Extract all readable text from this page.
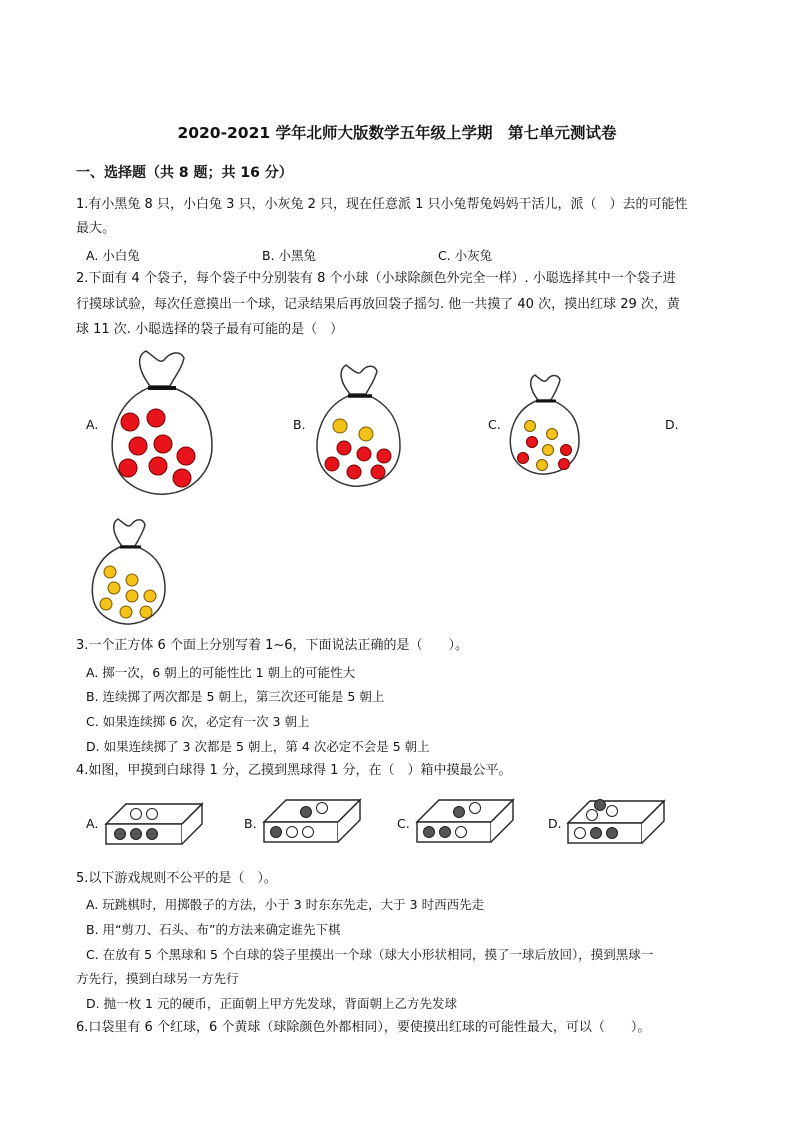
2020-2021 学年北师大版数学五年级上学期　第七单元测试卷
一、选择题（共 8 题；共 16 分）
1.有小黑兔 8 只，小白兔 3 只，小灰兔 2 只，现在任意派 1 只小兔帮兔妈妈干活儿，派（　）去的可能性
最大。
A. 小白兔	B. 小黑兔	C. 小灰兔
2.下面有 4 个袋子，每个袋子中分别装有 8 个小球（小球除颜色外完全一样）. 小聪选择其中一个袋子进
行摸球试验，每次任意摸出一个球，记录结果后再放回袋子摇匀. 他一共摸了 40 次，摸出红球 29 次，黄
球 11 次. 小聪选择的袋子最有可能的是（　）
A.	B.	C.	D.
3.一个正方体 6 个面上分别写着 1~6，下面说法正确的是（　　）。
A. 掷一次，6 朝上的可能性比 1 朝上的可能性大
B. 连续掷了两次都是 5 朝上，第三次还可能是 5 朝上
C. 如果连续掷 6 次，必定有一次 3 朝上
D. 如果连续掷了 3 次都是 5 朝上，第 4 次必定不会是 5 朝上
4.如图，甲摸到白球得 1 分，乙摸到黑球得 1 分，在（　）箱中摸最公平。
A.	B.	C.	D.
5.以下游戏规则不公平的是（　）。
A. 玩跳棋时，用掷骰子的方法，小于 3 时东东先走，大于 3 时西西先走
B. 用“剪刀、石头、布”的方法来确定谁先下棋
C. 在放有 5 个黑球和 5 个白球的袋子里摸出一个球（球大小形状相同，摸了一球后放回），摸到黑球一
方先行，摸到白球另一方先行
D. 抛一枚 1 元的硬币，正面朝上甲方先发球，背面朝上乙方先发球
6.口袋里有 6 个红球，6 个黄球（球除颜色外都相同），要使摸出红球的可能性最大，可以（　　）。
